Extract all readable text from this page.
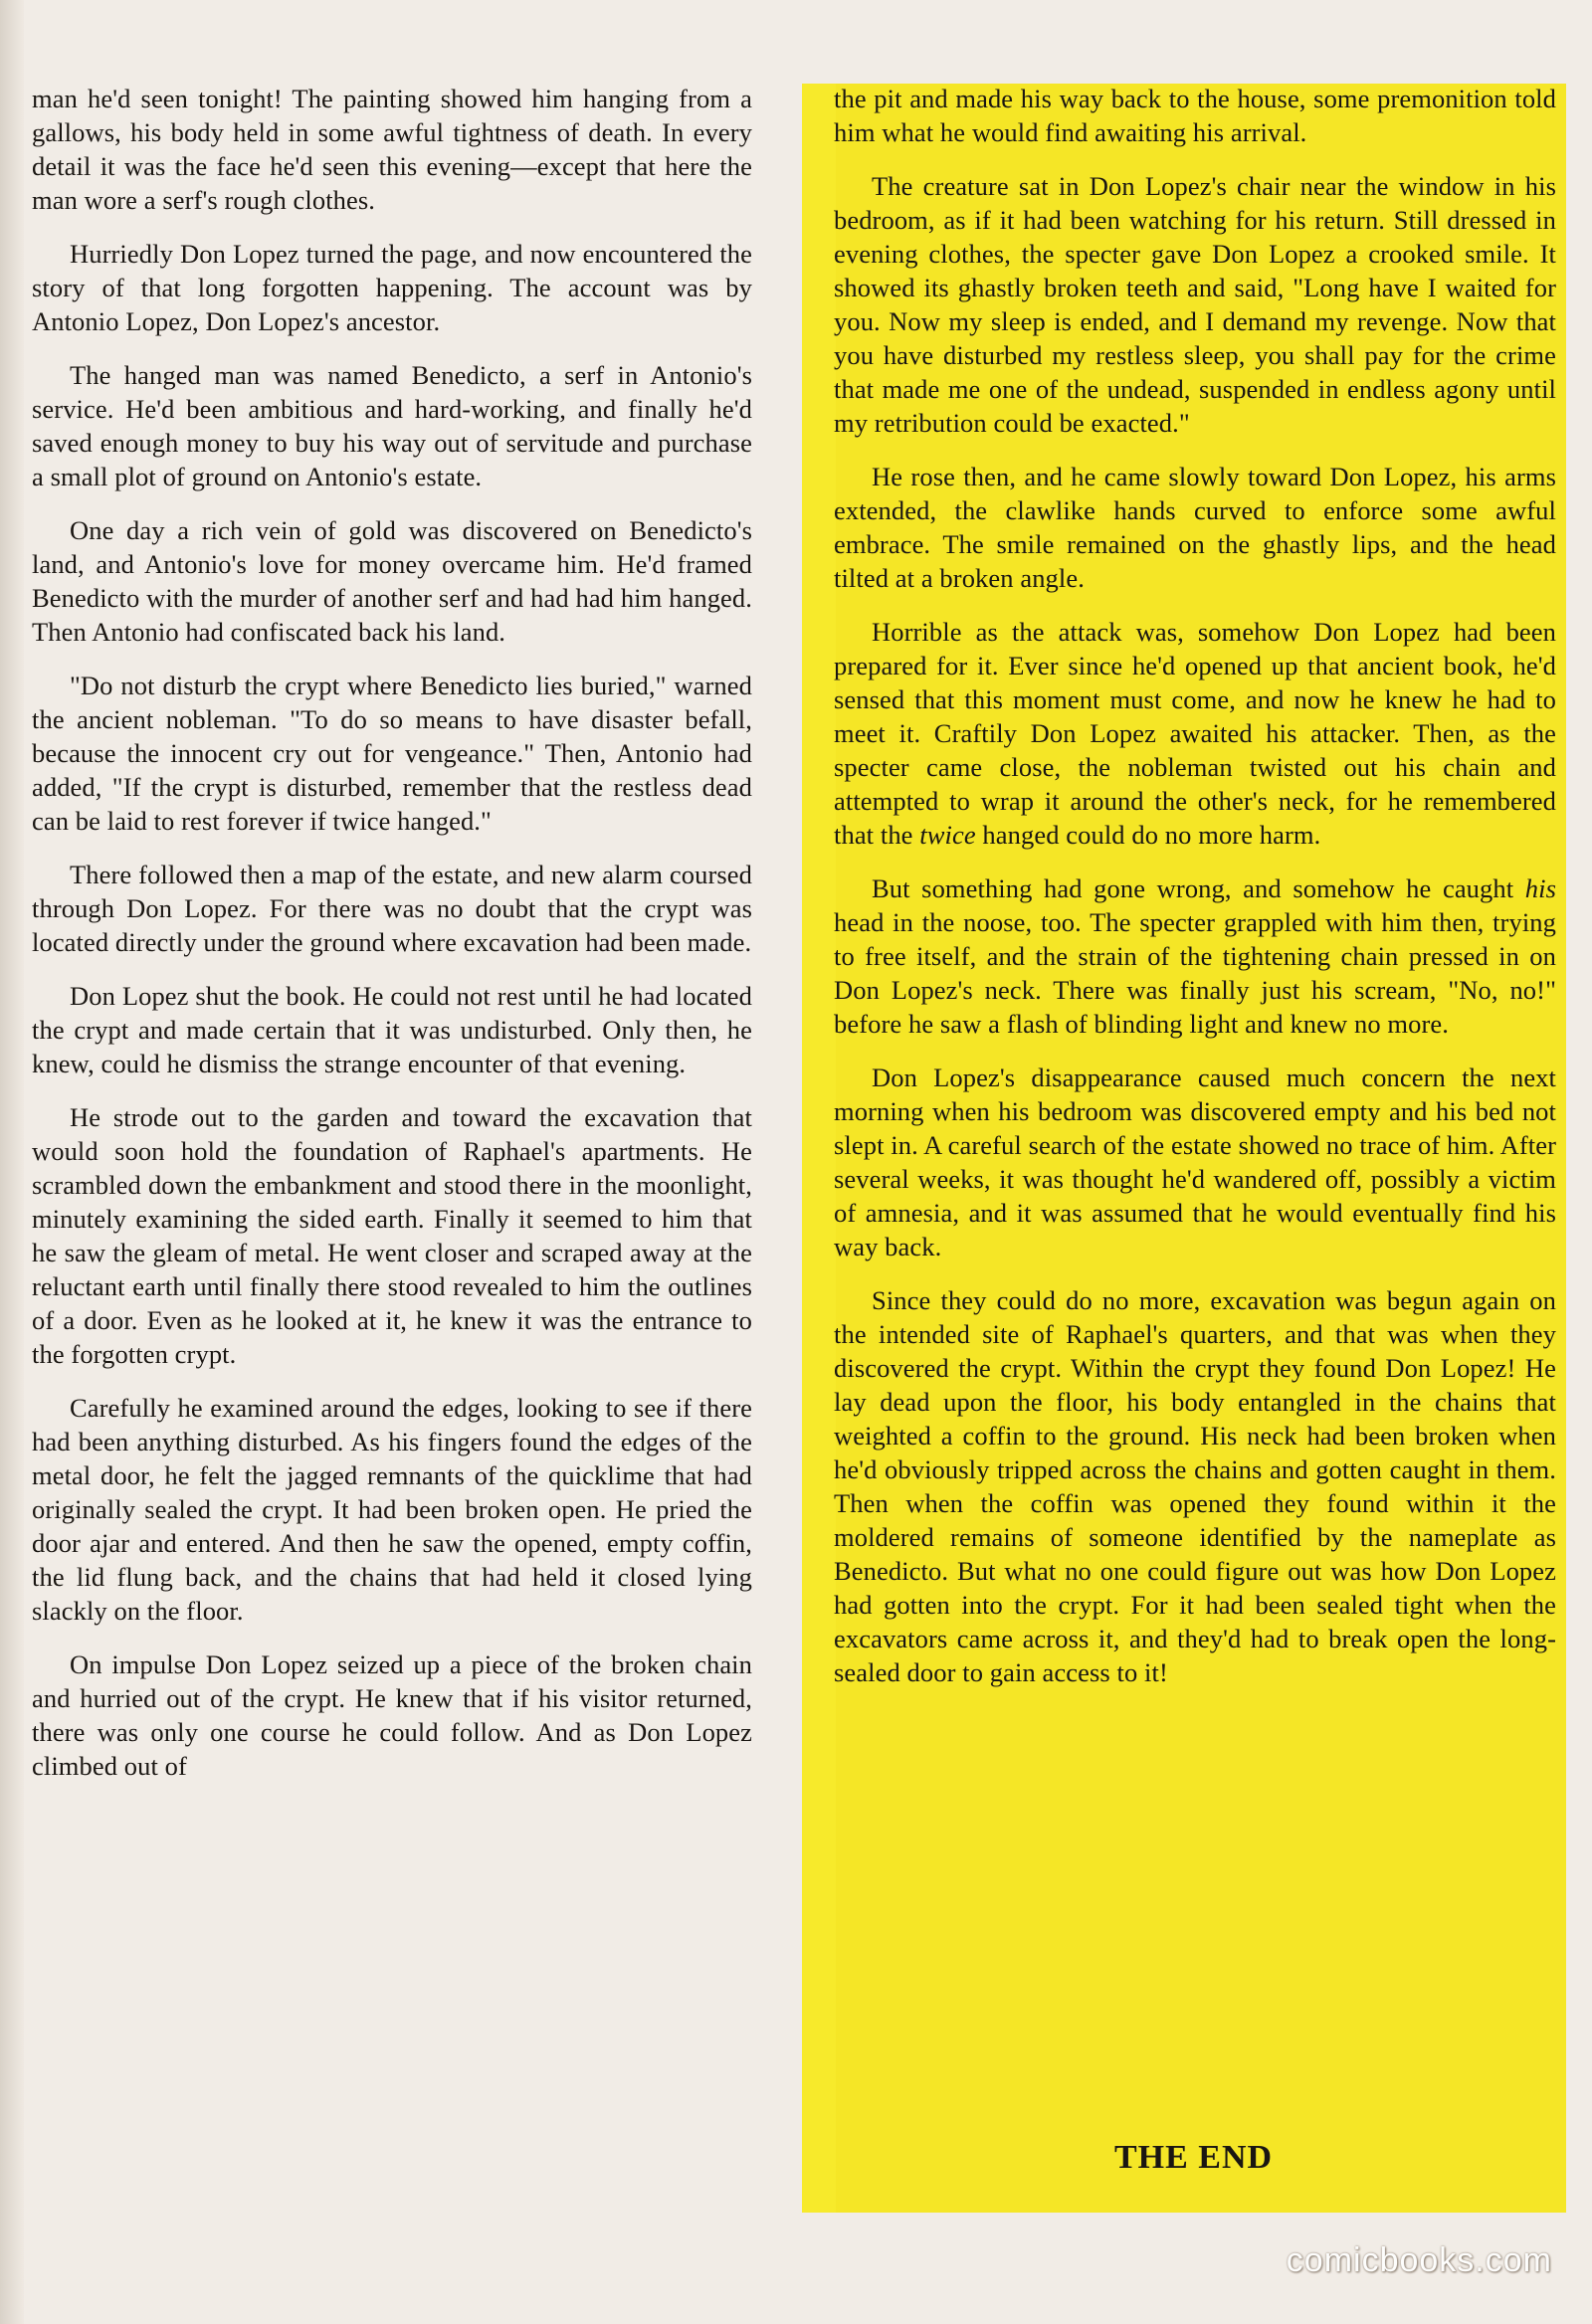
man he'd seen tonight! The painting showed him hanging from a gallows, his body held in some awful tightness of death. In every detail it was the face he'd seen this evening—except that here the man wore a serf's rough clothes.

Hurriedly Don Lopez turned the page, and now encountered the story of that long forgotten happening. The account was by Antonio Lopez, Don Lopez's ancestor.

The hanged man was named Benedicto, a serf in Antonio's service. He'd been ambitious and hard-working, and finally he'd saved enough money to buy his way out of servitude and purchase a small plot of ground on Antonio's estate.

One day a rich vein of gold was discovered on Benedicto's land, and Antonio's love for money overcame him. He'd framed Benedicto with the murder of another serf and had had him hanged. Then Antonio had confiscated back his land.

"Do not disturb the crypt where Benedicto lies buried," warned the ancient nobleman. "To do so means to have disaster befall, because the innocent cry out for vengeance." Then, Antonio had added, "If the crypt is disturbed, remember that the restless dead can be laid to rest forever if twice hanged."

There followed then a map of the estate, and new alarm coursed through Don Lopez. For there was no doubt that the crypt was located directly under the ground where excavation had been made.

Don Lopez shut the book. He could not rest until he had located the crypt and made certain that it was undisturbed. Only then, he knew, could he dismiss the strange encounter of that evening.

He strode out to the garden and toward the excavation that would soon hold the foundation of Raphael's apartments. He scrambled down the embankment and stood there in the moonlight, minutely examining the sided earth. Finally it seemed to him that he saw the gleam of metal. He went closer and scraped away at the reluctant earth until finally there stood revealed to him the outlines of a door. Even as he looked at it, he knew it was the entrance to the forgotten crypt.

Carefully he examined around the edges, looking to see if there had been anything disturbed. As his fingers found the edges of the metal door, he felt the jagged remnants of the quicklime that had originally sealed the crypt. It had been broken open. He pried the door ajar and entered. And then he saw the opened, empty coffin, the lid flung back, and the chains that had held it closed lying slackly on the floor.

On impulse Don Lopez seized up a piece of the broken chain and hurried out of the crypt. He knew that if his visitor returned, there was only one course he could follow. And as Don Lopez climbed out of

the pit and made his way back to the house, some premonition told him what he would find awaiting his arrival.

The creature sat in Don Lopez's chair near the window in his bedroom, as if it had been watching for his return. Still dressed in evening clothes, the specter gave Don Lopez a crooked smile. It showed its ghastly broken teeth and said, "Long have I waited for you. Now my sleep is ended, and I demand my revenge. Now that you have disturbed my restless sleep, you shall pay for the crime that made me one of the undead, suspended in endless agony until my retribution could be exacted."

He rose then, and he came slowly toward Don Lopez, his arms extended, the clawlike hands curved to enforce some awful embrace. The smile remained on the ghastly lips, and the head tilted at a broken angle.

Horrible as the attack was, somehow Don Lopez had been prepared for it. Ever since he'd opened up that ancient book, he'd sensed that this moment must come, and now he knew he had to meet it. Craftily Don Lopez awaited his attacker. Then, as the specter came close, the nobleman twisted out his chain and attempted to wrap it around the other's neck, for he remembered that the twice hanged could do no more harm.

But something had gone wrong, and somehow he caught his head in the noose, too. The specter grappled with him then, trying to free itself, and the strain of the tightening chain pressed in on Don Lopez's neck. There was finally just his scream, "No, no!" before he saw a flash of blinding light and knew no more.

Don Lopez's disappearance caused much concern the next morning when his bedroom was discovered empty and his bed not slept in. A careful search of the estate showed no trace of him. After several weeks, it was thought he'd wandered off, possibly a victim of amnesia, and it was assumed that he would eventually find his way back.

Since they could do no more, excavation was begun again on the intended site of Raphael's quarters, and that was when they discovered the crypt. Within the crypt they found Don Lopez! He lay dead upon the floor, his body entangled in the chains that weighted a coffin to the ground. His neck had been broken when he'd obviously tripped across the chains and gotten caught in them. Then when the coffin was opened they found within it the moldered remains of someone identified by the nameplate as Benedicto. But what no one could figure out was how Don Lopez had gotten into the crypt. For it had been sealed tight when the excavators came across it, and they'd had to break open the long-sealed door to gain access to it!

THE END
comicbooks.com
